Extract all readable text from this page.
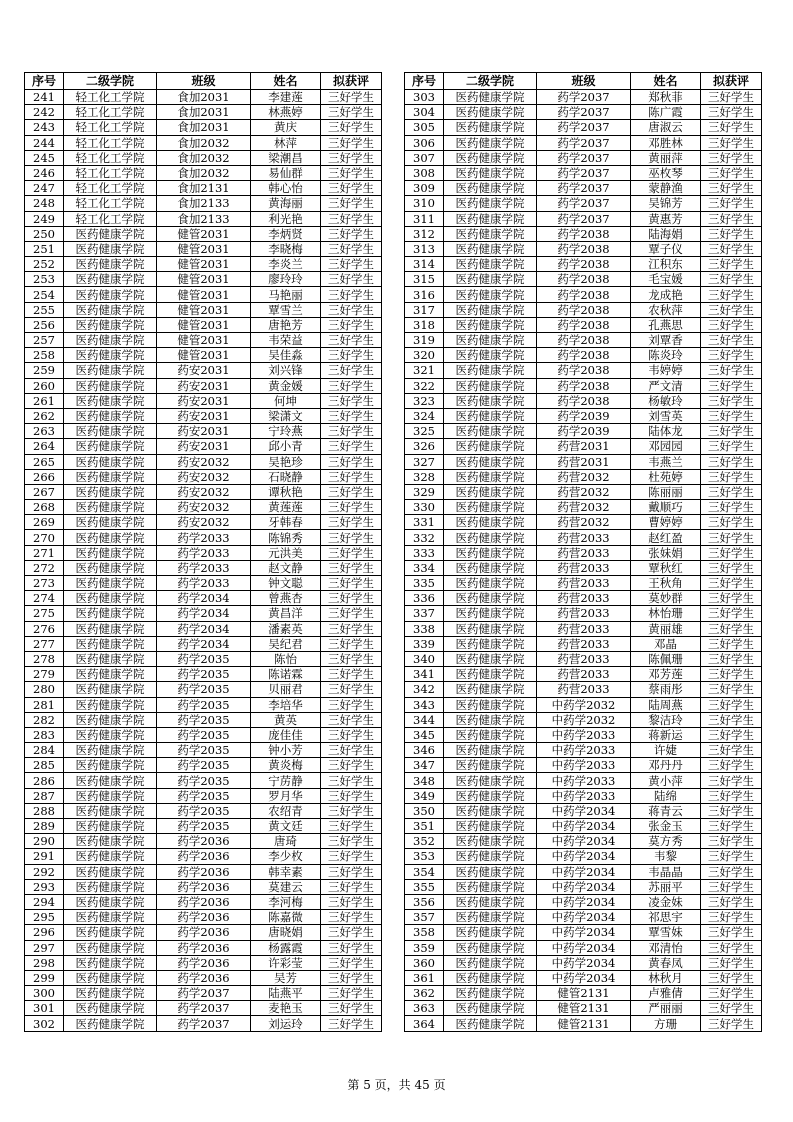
序号	二级学院	班级	姓名	拟获评
241	轻工化工学院	食加2031	李建莲	三好学生
242	轻工化工学院	食加2031	林燕婷	三好学生
243	轻工化工学院	食加2031	黄庆	三好学生
244	轻工化工学院	食加2032	林萍	三好学生
245	轻工化工学院	食加2032	梁潮昌	三好学生
246	轻工化工学院	食加2032	易仙群	三好学生
247	轻工化工学院	食加2131	韩心怡	三好学生
248	轻工化工学院	食加2133	黄海丽	三好学生
249	轻工化工学院	食加2133	利光艳	三好学生
250	医药健康学院	健管2031	李炳贤	三好学生
251	医药健康学院	健管2031	李晓梅	三好学生
252	医药健康学院	健管2031	李炎兰	三好学生
253	医药健康学院	健管2031	廖玲玲	三好学生
254	医药健康学院	健管2031	马艳丽	三好学生
255	医药健康学院	健管2031	覃雪兰	三好学生
256	医药健康学院	健管2031	唐艳芳	三好学生
257	医药健康学院	健管2031	韦荣益	三好学生
258	医药健康学院	健管2031	吴佳淼	三好学生
259	医药健康学院	药安2031	刘兴锋	三好学生
260	医药健康学院	药安2031	黄金媛	三好学生
261	医药健康学院	药安2031	何坤	三好学生
262	医药健康学院	药安2031	梁潇文	三好学生
263	医药健康学院	药安2031	宁玲燕	三好学生
264	医药健康学院	药安2031	邱小青	三好学生
265	医药健康学院	药安2032	吴艳珍	三好学生
266	医药健康学院	药安2032	石晓静	三好学生
267	医药健康学院	药安2032	谭秋艳	三好学生
268	医药健康学院	药安2032	黄莲莲	三好学生
269	医药健康学院	药安2032	牙韩春	三好学生
270	医药健康学院	药学2033	陈锦秀	三好学生
271	医药健康学院	药学2033	元洪美	三好学生
272	医药健康学院	药学2033	赵文静	三好学生
273	医药健康学院	药学2033	钟文聪	三好学生
274	医药健康学院	药学2034	曾燕杏	三好学生
275	医药健康学院	药学2034	黄昌洋	三好学生
276	医药健康学院	药学2034	潘素英	三好学生
277	医药健康学院	药学2034	吴纪君	三好学生
278	医药健康学院	药学2035	陈怡	三好学生
279	医药健康学院	药学2035	陈诺霖	三好学生
280	医药健康学院	药学2035	贝丽君	三好学生
281	医药健康学院	药学2035	李培华	三好学生
282	医药健康学院	药学2035	黄英	三好学生
283	医药健康学院	药学2035	庞佳佳	三好学生
284	医药健康学院	药学2035	钟小芳	三好学生
285	医药健康学院	药学2035	黄炎梅	三好学生
286	医药健康学院	药学2035	宁苈静	三好学生
287	医药健康学院	药学2035	罗月华	三好学生
288	医药健康学院	药学2035	农绍青	三好学生
289	医药健康学院	药学2035	黄文廷	三好学生
290	医药健康学院	药学2036	唐琦	三好学生
291	医药健康学院	药学2036	李少枚	三好学生
292	医药健康学院	药学2036	韩幸素	三好学生
293	医药健康学院	药学2036	莫建云	三好学生
294	医药健康学院	药学2036	李河梅	三好学生
295	医药健康学院	药学2036	陈嘉微	三好学生
296	医药健康学院	药学2036	唐晓娟	三好学生
297	医药健康学院	药学2036	杨露霞	三好学生
298	医药健康学院	药学2036	许彩莹	三好学生
299	医药健康学院	药学2036	吴芳	三好学生
300	医药健康学院	药学2037	陆燕平	三好学生
301	医药健康学院	药学2037	麦艳玉	三好学生
302	医药健康学院	药学2037	刘运玲	三好学生
序号	二级学院	班级	姓名	拟获评
303	医药健康学院	药学2037	郑秋菲	三好学生
304	医药健康学院	药学2037	陈广霞	三好学生
305	医药健康学院	药学2037	唐淑云	三好学生
306	医药健康学院	药学2037	邓胜林	三好学生
307	医药健康学院	药学2037	黄丽萍	三好学生
308	医药健康学院	药学2037	巫枚琴	三好学生
309	医药健康学院	药学2037	蒙静渔	三好学生
310	医药健康学院	药学2037	吴锦芳	三好学生
311	医药健康学院	药学2037	黄惠芳	三好学生
312	医药健康学院	药学2038	陆海娟	三好学生
313	医药健康学院	药学2038	覃子仪	三好学生
314	医药健康学院	药学2038	江积东	三好学生
315	医药健康学院	药学2038	毛宝媛	三好学生
316	医药健康学院	药学2038	龙成艳	三好学生
317	医药健康学院	药学2038	农秋萍	三好学生
318	医药健康学院	药学2038	孔燕思	三好学生
319	医药健康学院	药学2038	刘覃香	三好学生
320	医药健康学院	药学2038	陈炎玲	三好学生
321	医药健康学院	药学2038	韦婷婷	三好学生
322	医药健康学院	药学2038	严文清	三好学生
323	医药健康学院	药学2038	杨敏玲	三好学生
324	医药健康学院	药学2039	刘雪英	三好学生
325	医药健康学院	药学2039	陆体龙	三好学生
326	医药健康学院	药营2031	邓园园	三好学生
327	医药健康学院	药营2031	韦燕兰	三好学生
328	医药健康学院	药营2032	杜苑婷	三好学生
329	医药健康学院	药营2032	陈丽丽	三好学生
330	医药健康学院	药营2032	戴顺巧	三好学生
331	医药健康学院	药营2032	曹婷婷	三好学生
332	医药健康学院	药营2033	赵红盈	三好学生
333	医药健康学院	药营2033	张妹娟	三好学生
334	医药健康学院	药营2033	覃秋红	三好学生
335	医药健康学院	药营2033	王秋角	三好学生
336	医药健康学院	药营2033	莫妙群	三好学生
337	医药健康学院	药营2033	林怡珊	三好学生
338	医药健康学院	药营2033	黄丽雄	三好学生
339	医药健康学院	药营2033	邓晶	三好学生
340	医药健康学院	药营2033	陈佩珊	三好学生
341	医药健康学院	药营2033	邓芳莲	三好学生
342	医药健康学院	药营2033	蔡雨彤	三好学生
343	医药健康学院	中药学2032	陆周燕	三好学生
344	医药健康学院	中药学2032	黎洁玲	三好学生
345	医药健康学院	中药学2033	蒋新运	三好学生
346	医药健康学院	中药学2033	许婕	三好学生
347	医药健康学院	中药学2033	邓丹丹	三好学生
348	医药健康学院	中药学2033	黄小萍	三好学生
349	医药健康学院	中药学2033	陆绵	三好学生
350	医药健康学院	中药学2034	蒋青云	三好学生
351	医药健康学院	中药学2034	张金玉	三好学生
352	医药健康学院	中药学2034	莫方秀	三好学生
353	医药健康学院	中药学2034	韦黎	三好学生
354	医药健康学院	中药学2034	韦晶晶	三好学生
355	医药健康学院	中药学2034	苏丽平	三好学生
356	医药健康学院	中药学2034	凌金妹	三好学生
357	医药健康学院	中药学2034	祁思宇	三好学生
358	医药健康学院	中药学2034	覃雪妹	三好学生
359	医药健康学院	中药学2034	邓清怡	三好学生
360	医药健康学院	中药学2034	黄春凤	三好学生
361	医药健康学院	中药学2034	林秋月	三好学生
362	医药健康学院	健管2131	卢雅倩	三好学生
363	医药健康学院	健管2131	严丽丽	三好学生
364	医药健康学院	健管2131	方珊	三好学生
第 5 页，共 45 页
